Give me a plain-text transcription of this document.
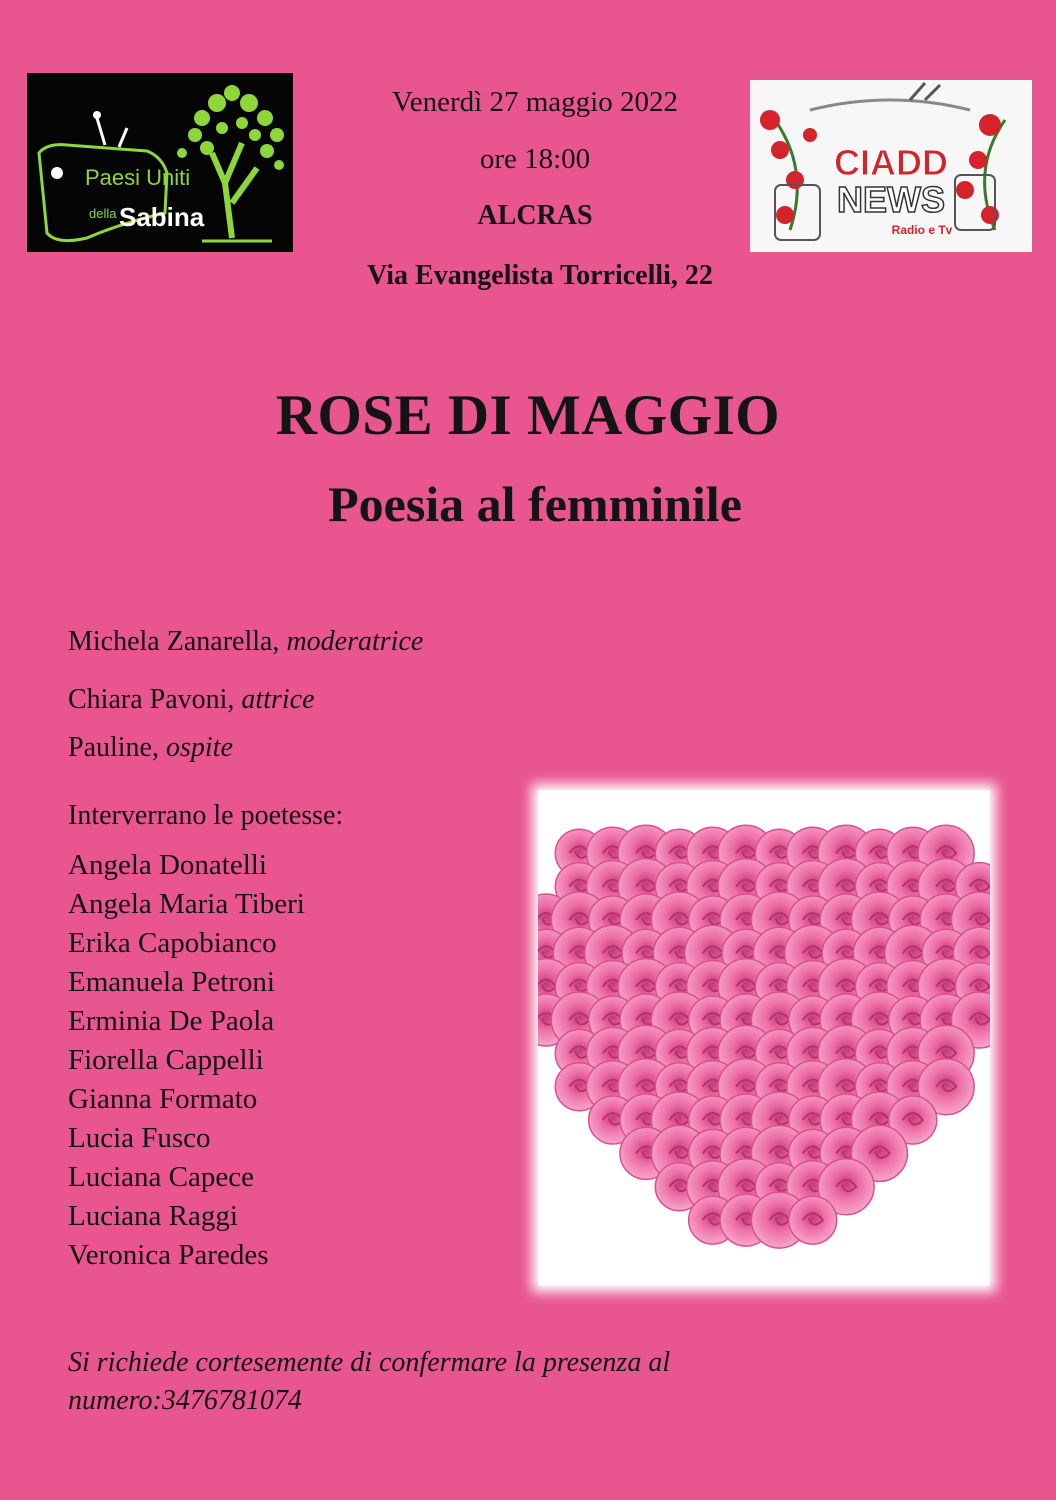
Paesi Uniti
della Sabina
CIADD
NEWS
Radio e Tv
Venerdì 27 maggio 2022
ore 18:00
ALCRAS
Via Evangelista Torricelli, 22
ROSE DI MAGGIO
Poesia al femminile
Michela Zanarella, moderatrice
Chiara Pavoni, attrice
Pauline, ospite
Interverrano le poetesse:
Angela Donatelli
Angela Maria Tiberi
Erika Capobianco
Emanuela Petroni
Erminia De Paola
Fiorella Cappelli
Gianna Formato
Lucia Fusco
Luciana Capece
Luciana Raggi
Veronica Paredes
Si richiede cortesemente di confermare la presenza al
numero:3476781074
